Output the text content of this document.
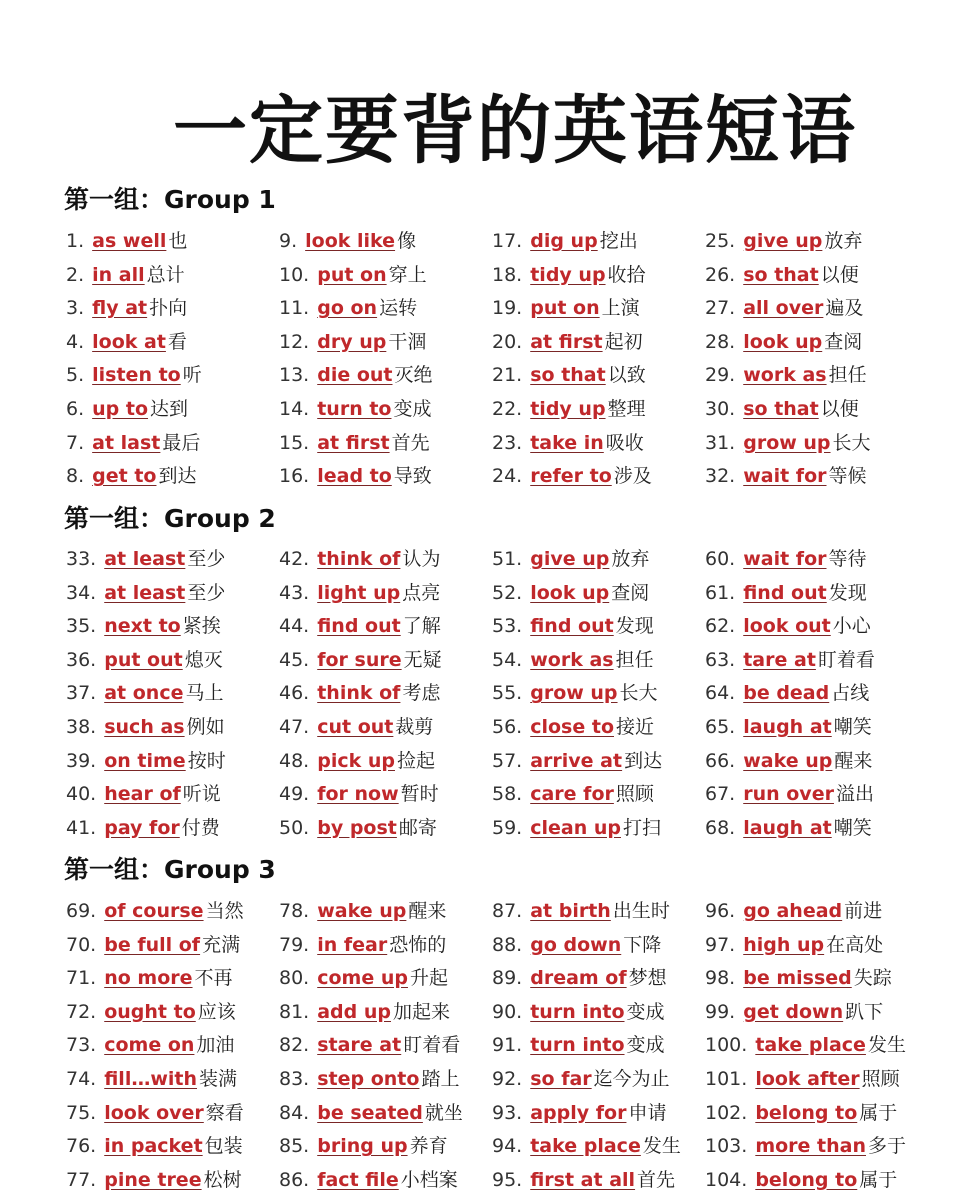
一定要背的英语短语
第一组：Group 1
1. as well 也
2. in all 总计
3. fly at 扑向
4. look at 看
5. listen to 听
6. up to 达到
7. at last 最后
8. get to 到达
9. look like 像
10. put on 穿上
11. go on 运转
12. dry up 干涸
13. die out 灭绝
14. turn to 变成
15. at first 首先
16. lead to 导致
17. dig up 挖出
18. tidy up 收拾
19. put on 上演
20. at first 起初
21. so that 以致
22. tidy up 整理
23. take in 吸收
24. refer to 涉及
25. give up 放弃
26. so that 以便
27. all over 遍及
28. look up 查阅
29. work as 担任
30. so that 以便
31. grow up 长大
32. wait for 等候
第一组：Group 2
33. at least 至少
34. at least 至少
35. next to 紧挨
36. put out 熄灭
37. at once 马上
38. such as 例如
39. on time 按时
40. hear of 听说
41. pay for 付费
42. think of 认为
43. light up 点亮
44. find out 了解
45. for sure 无疑
46. think of 考虑
47. cut out 裁剪
48. pick up 捡起
49. for now 暂时
50. by post 邮寄
51. give up 放弃
52. look up 查阅
53. find out 发现
54. work as 担任
55. grow up 长大
56. close to 接近
57. arrive at 到达
58. care for 照顾
59. clean up 打扫
60. wait for 等待
61. find out 发现
62. look out 小心
63. tare at 盯着看
64. be dead 占线
65. laugh at 嘲笑
66. wake up 醒来
67. run over 溢出
68. laugh at 嘲笑
第一组：Group 3
69. of course 当然
70. be full of 充满
71. no more 不再
72. ought to 应该
73. come on 加油
74. fill…with 装满
75. look over 察看
76. in packet 包装
77. pine tree 松树
78. wake up 醒来
79. in fear 恐怖的
80. come up 升起
81. add up 加起来
82. stare at 盯着看
83. step onto 踏上
84. be seated 就坐
85. bring up 养育
86. fact file 小档案
87. at birth 出生时
88. go down 下降
89. dream of 梦想
90. turn into 变成
91. turn into 变成
92. so far 迄今为止
93. apply for 申请
94. take place 发生
95. first at all 首先
96. go ahead 前进
97. high up 在高处
98. be missed 失踪
99. get down 趴下
100. take place 发生
101. look after 照顾
102. belong to 属于
103. more than 多于
104. belong to 属于
